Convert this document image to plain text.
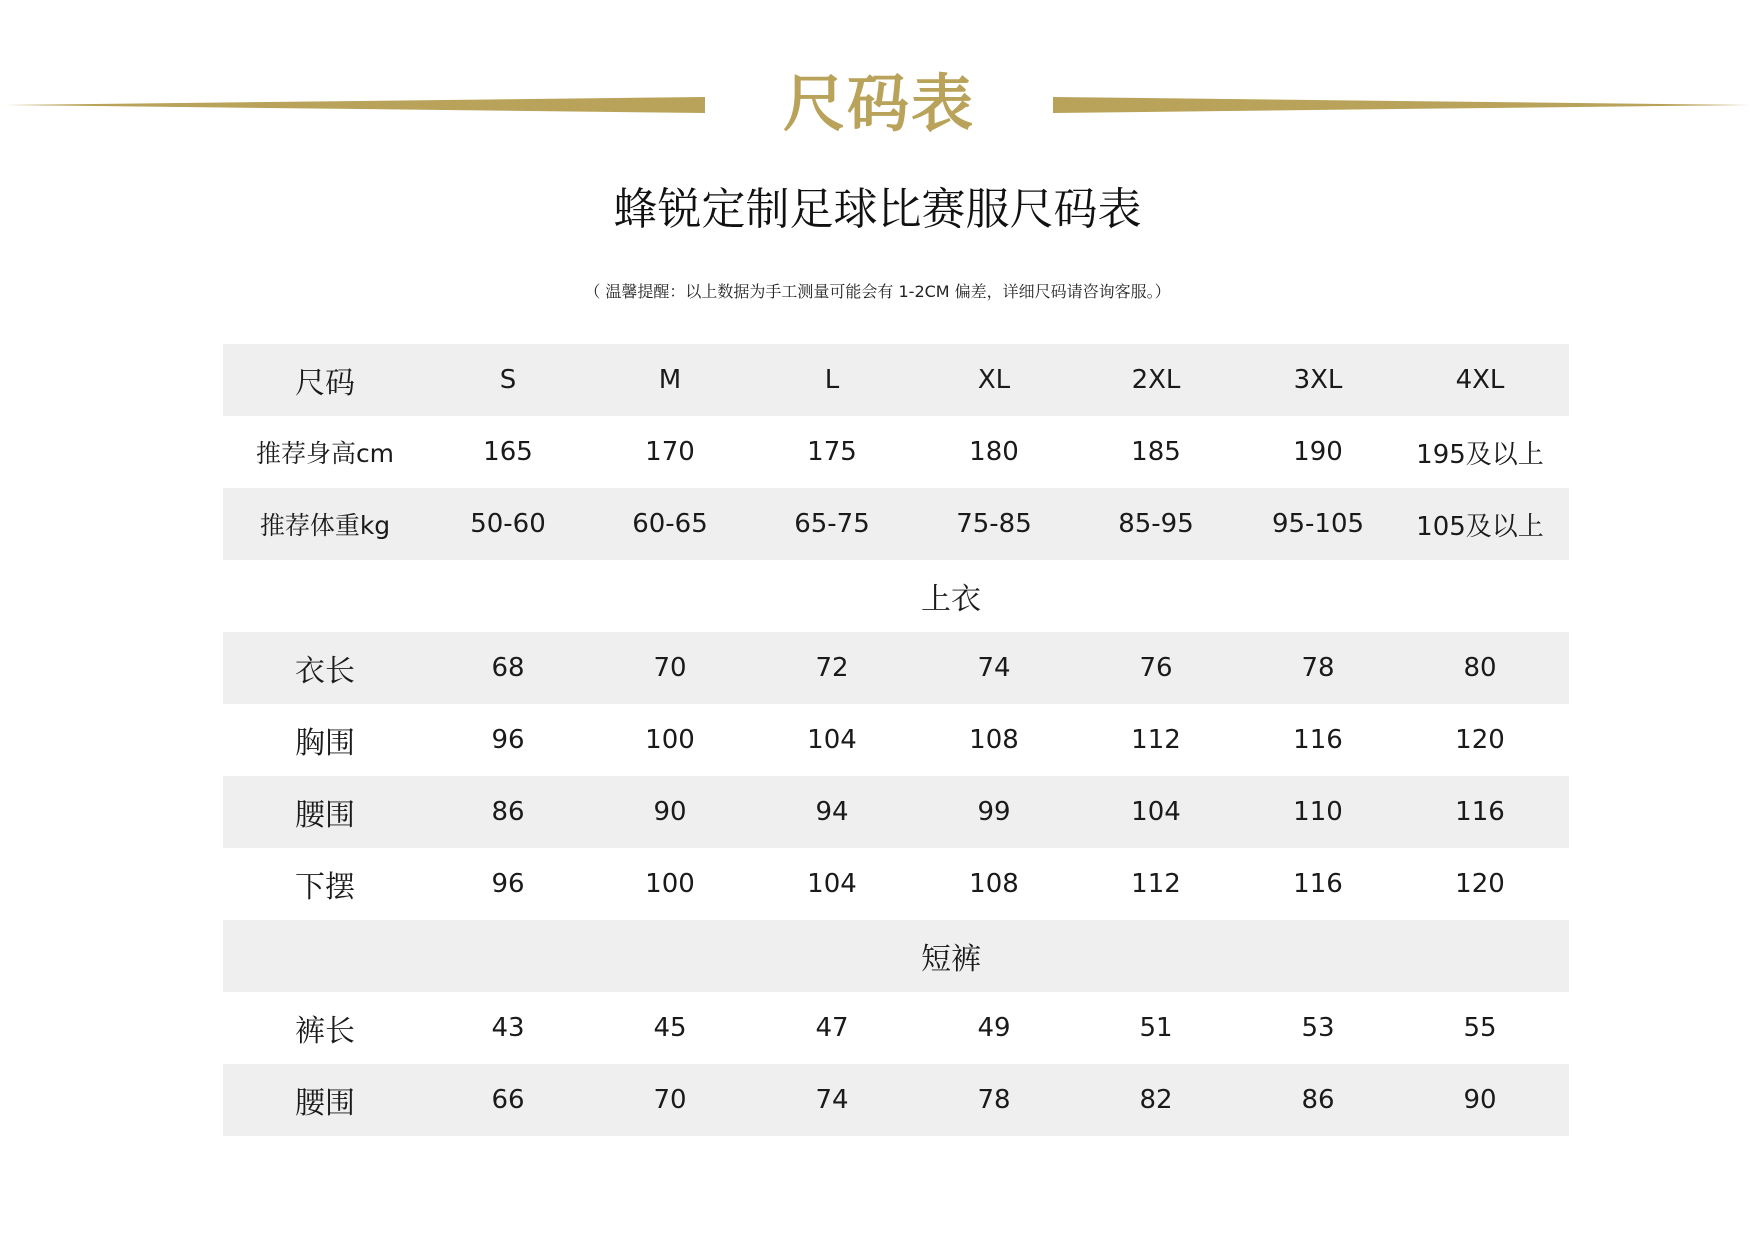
尺码表
蜂锐定制足球比赛服尺码表
（ 温馨提醒：以上数据为手工测量可能会有 1-2CM 偏差，详细尺码请咨询客服。）
尺码	S	M	L	XL	2XL	3XL	4XL
推荐身高cm	165	170	175	180	185	190	195及以上
推荐体重kg	50-60	60-65	65-75	75-85	85-95	95-105	105及以上
上衣
衣长	68	70	72	74	76	78	80
胸围	96	100	104	108	112	116	120
腰围	86	90	94	99	104	110	116
下摆	96	100	104	108	112	116	120
短裤
裤长	43	45	47	49	51	53	55
腰围	66	70	74	78	82	86	90
